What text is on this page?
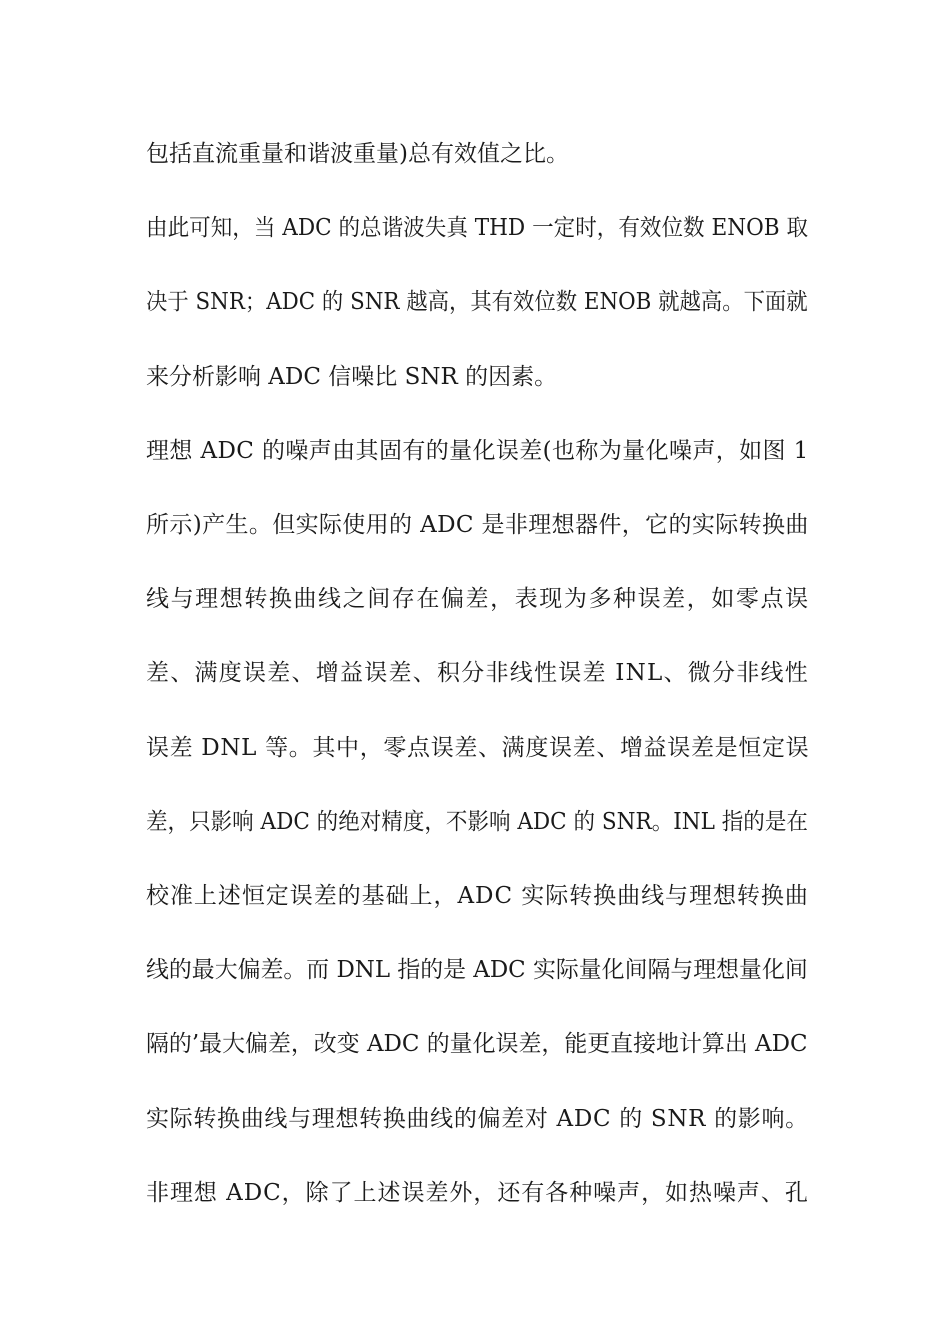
包括直流重量和谐波重量)总有效值之比。
由此可知，当 ADC 的总谐波失真 THD 一定时，有效位数 ENOB 取
决于 SNR；ADC 的 SNR 越高，其有效位数 ENOB 就越高。下面就
来分析影响 ADC 信噪比 SNR 的因素。
理想 ADC 的噪声由其固有的量化误差(也称为量化噪声，如图 1
所示)产生。但实际使用的 ADC 是非理想器件，它的实际转换曲
线与理想转换曲线之间存在偏差，表现为多种误差，如零点误
差、满度误差、增益误差、积分非线性误差 INL、微分非线性
误差 DNL 等。其中，零点误差、满度误差、增益误差是恒定误
差，只影响 ADC 的绝对精度，不影响 ADC 的 SNR。INL 指的是在
校准上述恒定误差的基础上，ADC 实际转换曲线与理想转换曲
线的最大偏差。而 DNL 指的是 ADC 实际量化间隔与理想量化间
隔的’最大偏差，改变 ADC 的量化误差，能更直接地计算出 ADC
实际转换曲线与理想转换曲线的偏差对 ADC 的 SNR 的影响。
非理想 ADC，除了上述误差外，还有各种噪声，如热噪声、孔
